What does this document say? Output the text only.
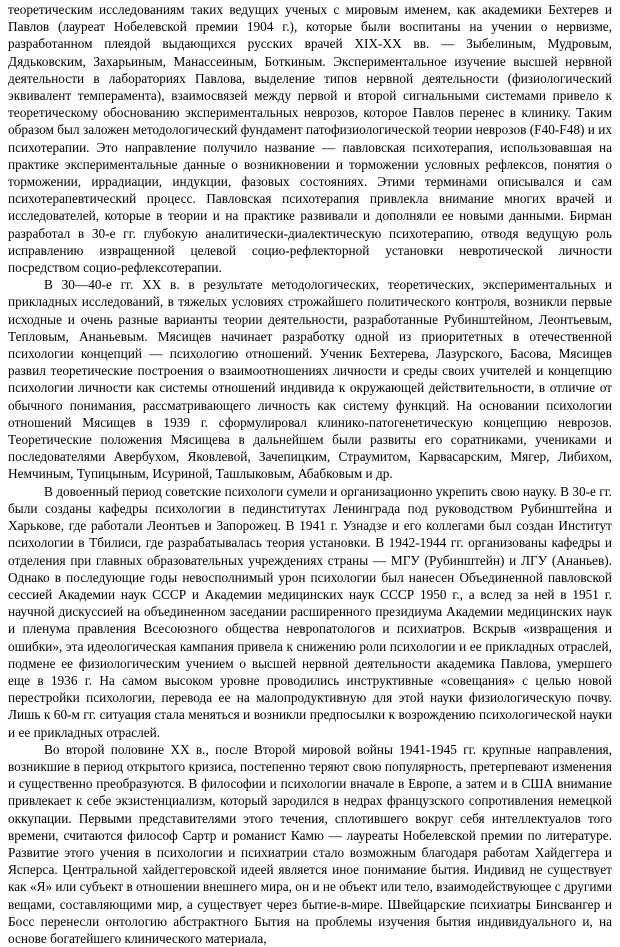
теоретическим исследованиям таких ведущих ученых с мировым именем, как академики Бехтерев и Павлов (лауреат Нобелевской премии 1904 г.), которые были воспитаны на учении о нервизме, разработанном плеядой выдающихся русских врачей XIX-XX вв. — Зыбелиным, Мудровым, Дядьковским, Захарьиным, Манассеиным, Боткиным. Экспериментальное изучение высшей нервной деятельности в лабораториях Павлова, выделение типов нервной деятельности (физиологический эквивалент темперамента), взаимосвязей между первой и второй сигнальными системами привело к теоретическому обоснованию экспериментальных неврозов, которое Павлов перенес в клинику. Таким образом был заложен методологический фундамент патофизиологической теории неврозов (F40-F48) и их психотерапии. Это направление получило название — павловская психотерапия, использовавшая на практике экспериментальные данные о возникновении и торможении условных рефлексов, понятия о торможении, иррадиации, индукции, фазовых состояниях. Этими терминами описывался и сам психотерапевтический процесс. Павловская психотерапия привлекла внимание многих врачей и исследователей, которые в теории и на практике развивали и дополняли ее новыми данными. Бирман разработал в 30-е гг. глубокую аналитически-диалектическую психотерапию, отводя ведущую роль исправлению извращенной целевой социо-рефлекторной установки невротической личности посредством социо-рефлексотерапии.

В 30—40-е гг. XX в. в результате методологических, теоретических, экспериментальных и прикладных исследований, в тяжелых условиях строжайшего политического контроля, возникли первые исходные и очень разные варианты теории деятельности, разработанные Рубинштейном, Леонтьевым, Тепловым, Ананьевым. Мясищев начинает разработку одной из приоритетных в отечественной психологии концепций — психологию отношений. Ученик Бехтерева, Лазурского, Басова, Мясищев развил теоретические построения о взаимоотношениях личности и среды своих учителей и концепцию психологии личности как системы отношений индивида к окружающей действительности, в отличие от обычного понимания, рассматривающего личность как систему функций. На основании психологии отношений Мясищев в 1939 г. сформулировал клинико-патогенетическую концепцию неврозов. Теоретические положения Мясищева в дальнейшем были развиты его соратниками, учениками и последователями Авербухом, Яковлевой, Зачепицким, Страумитом, Карвасарским, Мягер, Либихом, Немчиным, Тупицыным, Исуриной, Ташлыковым, Абабковым и др.

В довоенный период советские психологи сумели и организационно укрепить свою науку. В 30-е гг. были созданы кафедры психологии в пединститутах Ленинграда под руководством Рубинштейна и Харькове, где работали Леонтьев и Запорожец. В 1941 г. Узнадзе и его коллегами был создан Институт психологии в Тбилиси, где разрабатывалась теория установки. В 1942-1944 гг. организованы кафедры и отделения при главных образовательных учреждениях страны — МГУ (Рубинштейн) и ЛГУ (Ананьев). Однако в последующие годы невосполнимый урон психологии был нанесен Объединенной павловской сессией Академии наук СССР и Академии медицинских наук СССР 1950 г., а вслед за ней в 1951 г. научной дискуссией на объединенном заседании расширенного президиума Академии медицинских наук и пленума правления Всесоюзного общества невропатологов и психиатров. Вскрыв «извращения и ошибки», эта идеологическая кампания привела к снижению роли психологии и ее прикладных отраслей, подмене ее физиологическим учением о высшей нервной деятельности академика Павлова, умершего еще в 1936 г. На самом высоком уровне проводились инструктивные «совещания» с целью новой перестройки психологии, перевода ее на малопродуктивную для этой науки физиологическую почву. Лишь к 60-м гг. ситуация стала меняться и возникли предпосылки к возрождению психологической науки и ее прикладных отраслей.

Во второй половине XX в., после Второй мировой войны 1941-1945 гг. крупные направления, возникшие в период открытого кризиса, постепенно теряют свою популярность, претерпевают изменения и существенно преобразуются. В философии и психологии вначале в Европе, а затем и в США внимание привлекает к себе экзистенциализм, который зародился в недрах французского сопротивления немецкой оккупации. Первыми представителями этого течения, сплотившего вокруг себя интеллектуалов того времени, считаются философ Сартр и романист Камю — лауреаты Нобелевской премии по литературе. Развитие этого учения в психологии и психиатрии стало возможным благодаря работам Хайдеггера и Ясперса. Центральной хайдеггеровской идеей является иное понимание бытия. Индивид не существует как «Я» или субъект в отношении внешнего мира, он и не объект или тело, взаимодействующее с другими вещами, составляющими мир, а существует через бытие-в-мире. Швейцарские психиатры Бинсвангер и Босс перенесли онтологию абстрактного Бытия на проблемы изучения бытия индивидуального и, на основе богатейшего клинического материала,
